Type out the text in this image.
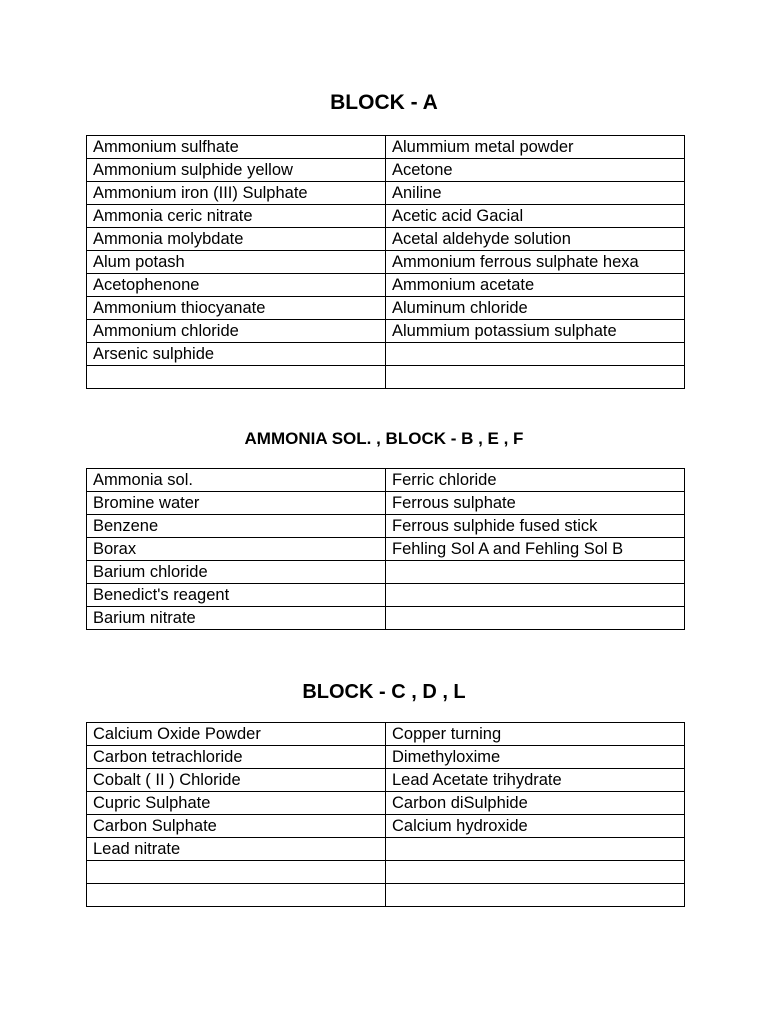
BLOCK - A
Ammonium sulfhate	Alummium metal powder
Ammonium sulphide yellow	Acetone
Ammonium iron (III) Sulphate	Aniline
Ammonia ceric nitrate	Acetic acid Gacial
Ammonia molybdate	Acetal aldehyde solution
Alum potash	Ammonium ferrous sulphate hexa
Acetophenone	Ammonium acetate
Ammonium thiocyanate	Aluminum chloride
Ammonium chloride	Alummium potassium sulphate
Arsenic sulphide	

AMMONIA SOL. , BLOCK - B , E , F
Ammonia sol.	Ferric chloride
Bromine water	Ferrous sulphate
Benzene	Ferrous sulphide fused stick
Borax	Fehling Sol A and Fehling Sol B
Barium chloride	
Benedict's reagent	
Barium nitrate	
BLOCK - C , D , L
Calcium Oxide Powder	Copper turning
Carbon tetrachloride	Dimethyloxime
Cobalt ( II ) Chloride	Lead Acetate trihydrate
Cupric Sulphate	Carbon diSulphide
Carbon Sulphate	Calcium hydroxide
Lead nitrate	
